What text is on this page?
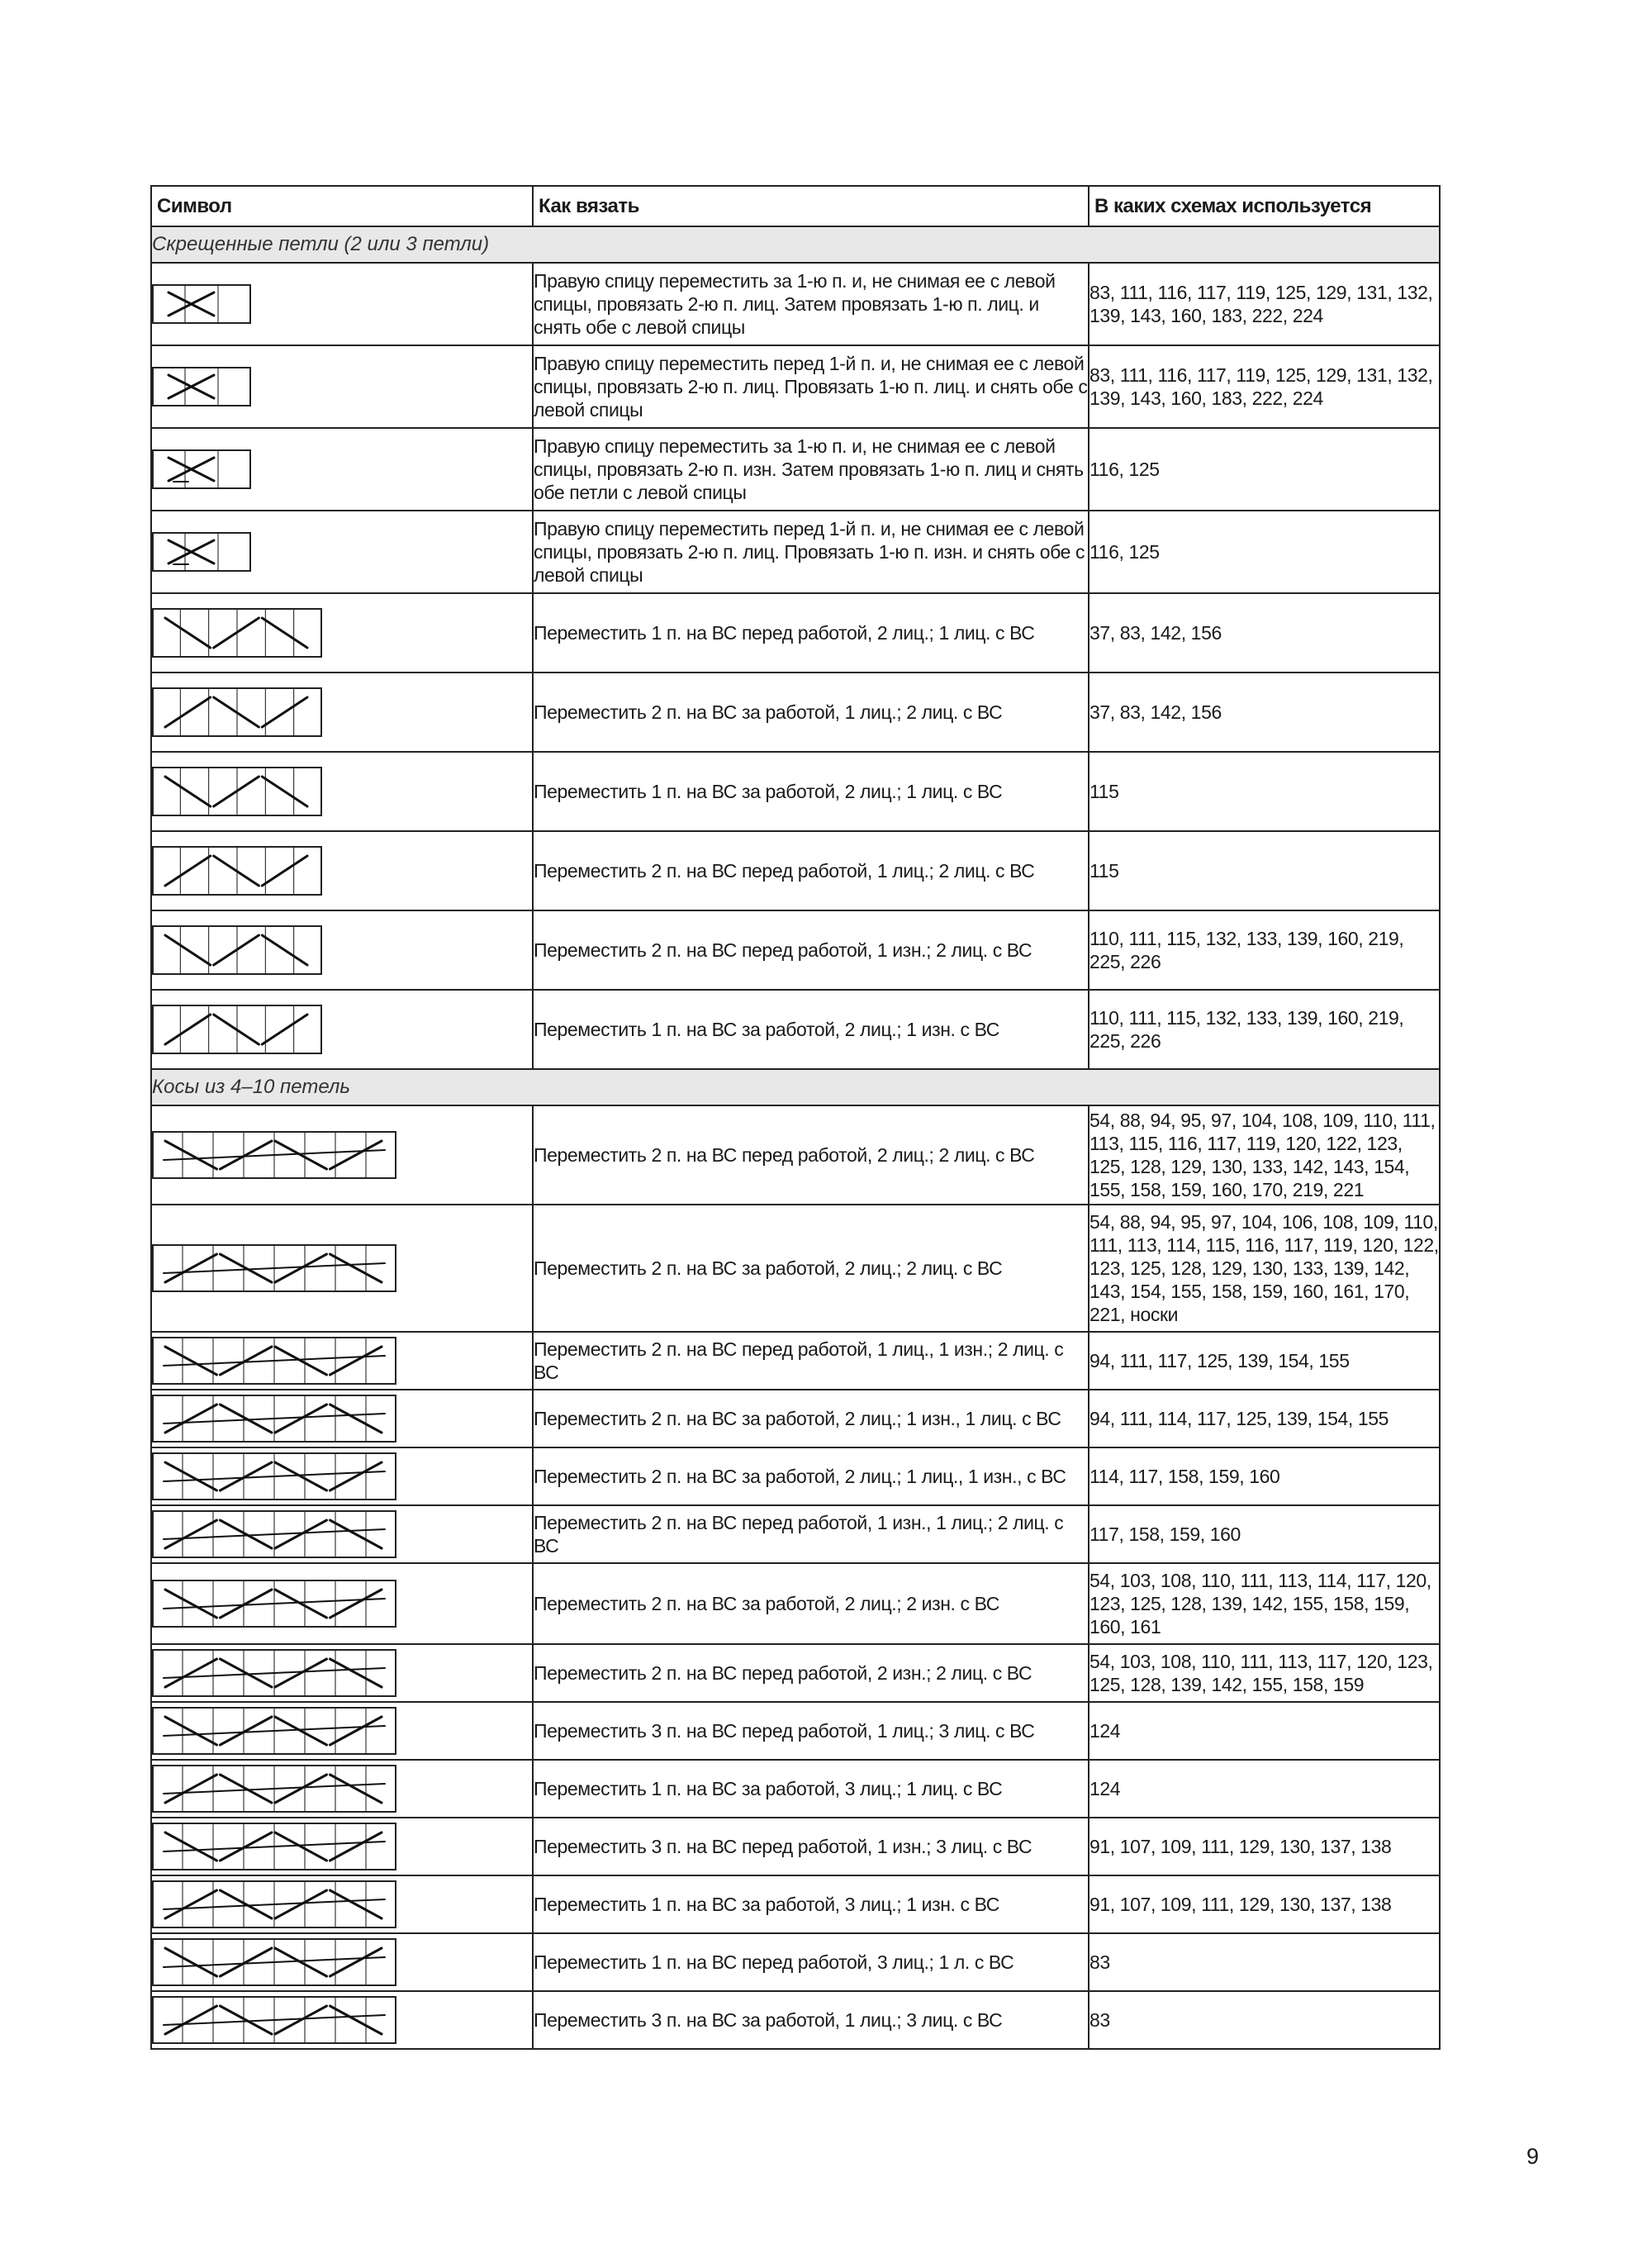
Символ	Как вязать	В каких схемах используется
Скрещенные петли (2 или 3 петли)		

	Правую спицу переместить за 1-ю п. и, не снимая ее с левой спицы, провязать 2-ю п. лиц. Затем провязать 1-ю п. лиц. и снять обе с левой спицы	83, 111, 116, 117, 119, 125, 129, 131, 132, 139, 143, 160, 183, 222, 224

	Правую спицу переместить перед 1-й п. и, не снимая ее с левой спицы, провязать 2-ю п. лиц. Провязать 1-ю п. лиц. и снять обе с левой спицы	83, 111, 116, 117, 119, 125, 129, 131, 132, 139, 143, 160, 183, 222, 224

	Правую спицу переместить за 1-ю п. и, не снимая ее с левой спицы, провязать 2-ю п. изн. Затем провязать 1-ю п. лиц и снять обе петли с левой спицы	116, 125

	Правую спицу переместить перед 1-й п. и, не снимая ее с левой спицы, провязать 2-ю п. лиц. Провязать 1-ю п. изн. и снять обе с левой спицы	116, 125

	Переместить 1 п. на ВС перед работой, 2 лиц.; 1 лиц. с ВС	37, 83, 142, 156

	Переместить 2 п. на ВС за работой, 1 лиц.; 2 лиц. с ВС	37, 83, 142, 156

	Переместить 1 п. на ВС за работой, 2 лиц.; 1 лиц. с ВС	115

	Переместить 2 п. на ВС перед работой, 1 лиц.; 2 лиц. с ВС	115

	Переместить 2 п. на ВС перед работой, 1 изн.; 2 лиц. с ВС	110, 111, 115, 132, 133, 139, 160, 219, 225, 226

	Переместить 1 п. на ВС за работой, 2 лиц.; 1 изн. с ВС	110, 111, 115, 132, 133, 139, 160, 219, 225, 226
Косы из 4–10 петель		

	Переместить 2 п. на ВС перед работой, 2 лиц.; 2 лиц. с ВС	54, 88, 94, 95, 97, 104, 108, 109, 110, 111, 113, 115, 116, 117, 119, 120, 122, 123, 125, 128, 129, 130, 133, 142, 143, 154, 155, 158, 159, 160, 170, 219, 221

	Переместить 2 п. на ВС за работой, 2 лиц.; 2 лиц. с ВС	54, 88, 94, 95, 97, 104, 106, 108, 109, 110, 111, 113, 114, 115, 116, 117, 119, 120, 122, 123, 125, 128, 129, 130, 133, 139, 142, 143, 154, 155, 158, 159, 160, 161, 170, 221, носки

	Переместить 2 п. на ВС перед работой, 1 лиц., 1 изн.; 2 лиц. с ВС	94, 111, 117, 125, 139, 154, 155

	Переместить 2 п. на ВС за работой, 2 лиц.; 1 изн., 1 лиц. с ВС	94, 111, 114, 117, 125, 139, 154, 155

	Переместить 2 п. на ВС за работой, 2 лиц.; 1 лиц., 1 изн., с ВС	114, 117, 158, 159, 160

	Переместить 2 п. на ВС перед работой, 1 изн., 1 лиц.; 2 лиц. с ВС	117, 158, 159, 160

	Переместить 2 п. на ВС за работой, 2 лиц.; 2 изн. с ВС	54, 103, 108, 110, 111, 113, 114, 117, 120, 123, 125, 128, 139, 142, 155, 158, 159, 160, 161

	Переместить 2 п. на ВС перед работой, 2 изн.; 2 лиц. с ВС	54, 103, 108, 110, 111, 113, 117, 120, 123, 125, 128, 139, 142, 155, 158, 159

	Переместить 3 п. на ВС перед работой, 1 лиц.; 3 лиц. с ВС	124

	Переместить 1 п. на ВС за работой, 3 лиц.; 1 лиц. с ВС	124

	Переместить 3 п. на ВС перед работой, 1 изн.; 3 лиц. с ВС	91, 107, 109, 111, 129, 130, 137, 138

	Переместить 1 п. на ВС за работой, 3 лиц.; 1 изн. с ВС	91, 107, 109, 111, 129, 130, 137, 138

	Переместить 1 п. на ВС перед работой, 3 лиц.; 1 л. с ВС	83

	Переместить 3 п. на ВС за работой, 1 лиц.; 3 лиц. с ВС	83
9
